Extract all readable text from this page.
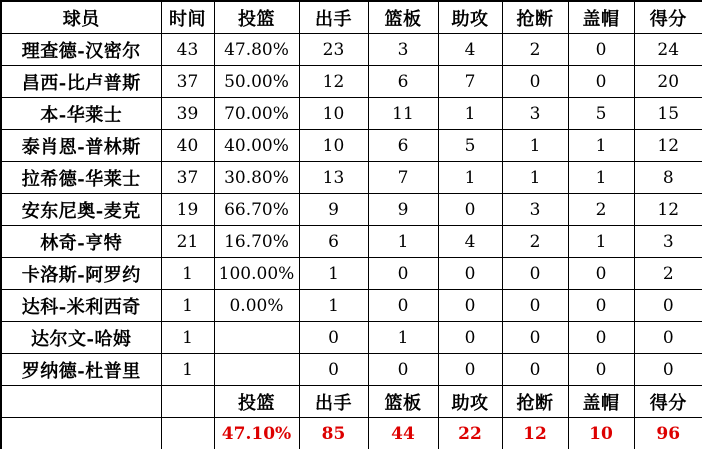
球员	时间	投篮	出手	篮板	助攻	抢断	盖帽	得分
理查德-汉密尔	43	47.80%	23	3	4	2	0	24
昌西-比卢普斯	37	50.00%	12	6	7	0	0	20
本-华莱士	39	70.00%	10	11	1	3	5	15
泰肖恩-普林斯	40	40.00%	10	6	5	1	1	12
拉希德-华莱士	37	30.80%	13	7	1	1	1	8
安东尼奥-麦克	19	66.70%	9	9	0	3	2	12
林奇-亨特	21	16.70%	6	1	4	2	1	3
卡洛斯-阿罗约	1	100.00%	1	0	0	0	0	2
达科-米利西奇	1	0.00%	1	0	0	0	0	0
达尔文-哈姆	1		0	1	0	0	0	0
罗纳德-杜普里	1		0	0	0	0	0	0
		投篮	出手	篮板	助攻	抢断	盖帽	得分
		47.10%	85	44	22	12	10	96
